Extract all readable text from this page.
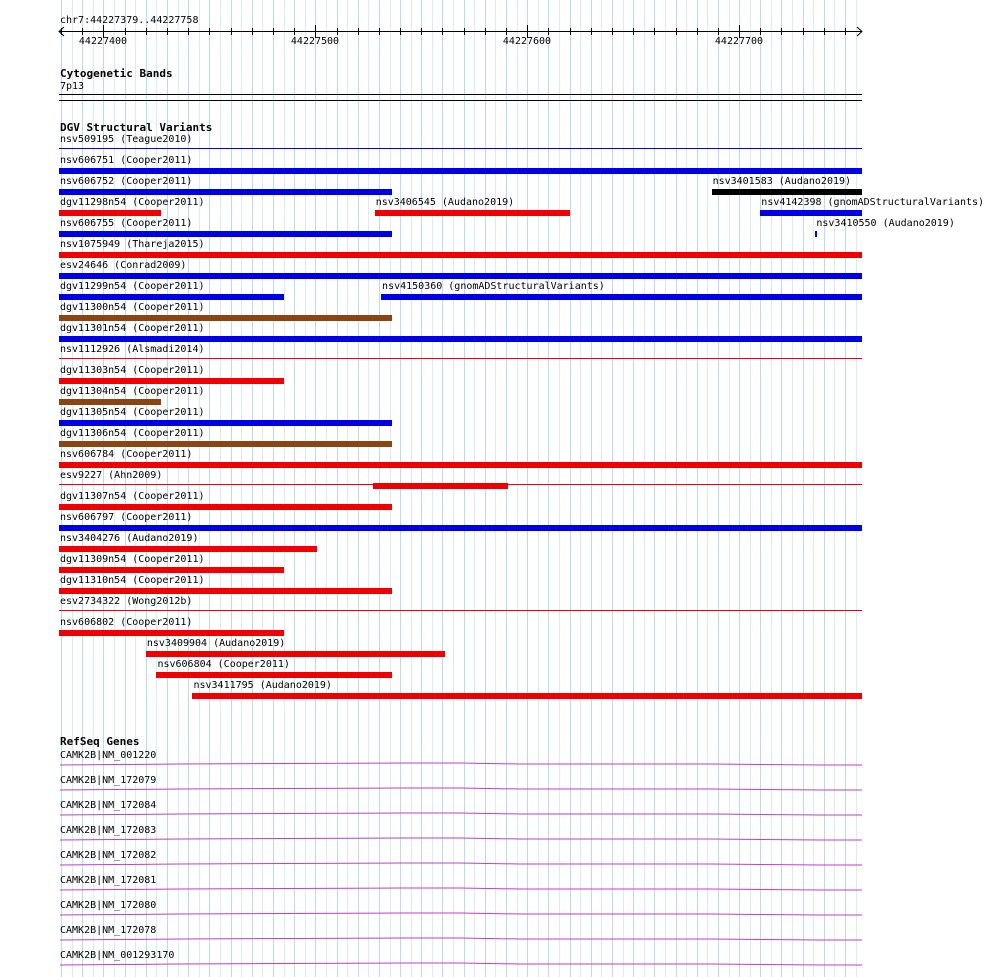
chr7:44227379..44227758
44227400	44227500	44227600	44227700
Cytogenetic Bands
7p13
DGV Structural Variants
nsv509195 (Teague2010)
nsv606751 (Cooper2011)
nsv606752 (Cooper2011)	nsv3401583 (Audano2019)
dgv11298n54 (Cooper2011)	nsv3406545 (Audano2019)	nsv4142398 (gnomADStructuralVariants)
nsv606755 (Cooper2011)	nsv3410550 (Audano2019)
nsv1075949 (Thareja2015)
esv24646 (Conrad2009)
dgv11299n54 (Cooper2011)	nsv4150360 (gnomADStructuralVariants)
dgv11300n54 (Cooper2011)
dgv11301n54 (Cooper2011)
nsv1112926 (Alsmadi2014)
dgv11303n54 (Cooper2011)
dgv11304n54 (Cooper2011)
dgv11305n54 (Cooper2011)
dgv11306n54 (Cooper2011)
nsv606784 (Cooper2011)
esv9227 (Ahn2009)
dgv11307n54 (Cooper2011)
nsv606797 (Cooper2011)
nsv3404276 (Audano2019)
dgv11309n54 (Cooper2011)
dgv11310n54 (Cooper2011)
esv2734322 (Wong2012b)
nsv606802 (Cooper2011)
nsv3409904 (Audano2019)
nsv606804 (Cooper2011)
nsv3411795 (Audano2019)
RefSeq Genes
CAMK2B|NM_001220
CAMK2B|NM_172079
CAMK2B|NM_172084
CAMK2B|NM_172083
CAMK2B|NM_172082
CAMK2B|NM_172081
CAMK2B|NM_172080
CAMK2B|NM_172078
CAMK2B|NM_001293170
